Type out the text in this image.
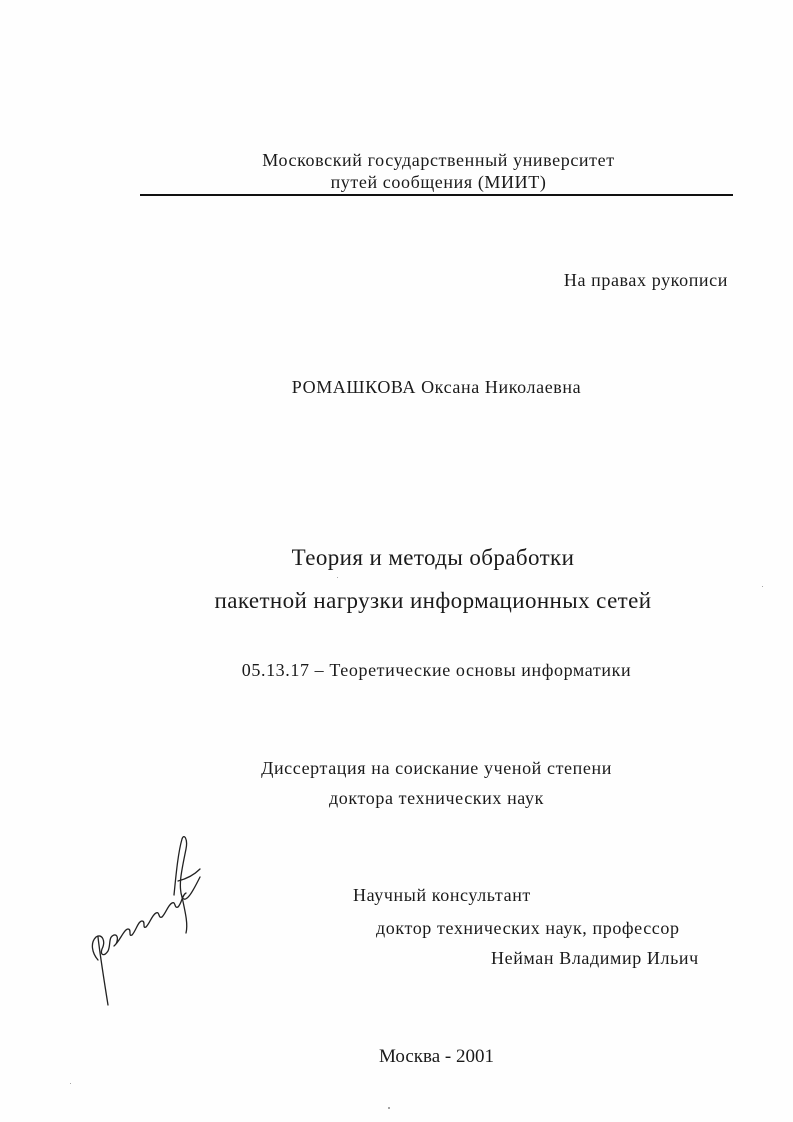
Московский государственный университет
путей сообщения (МИИТ)
На правах рукописи
РОМАШКОВА Оксана Николаевна
Теория и методы обработки
пакетной нагрузки информационных сетей
05.13.17 – Теоретические основы информатики
Диссертация на соискание ученой степени
доктора технических наук
Научный консультант
доктор технических наук, профессор
Нейман Владимир Ильич
Москва - 2001
